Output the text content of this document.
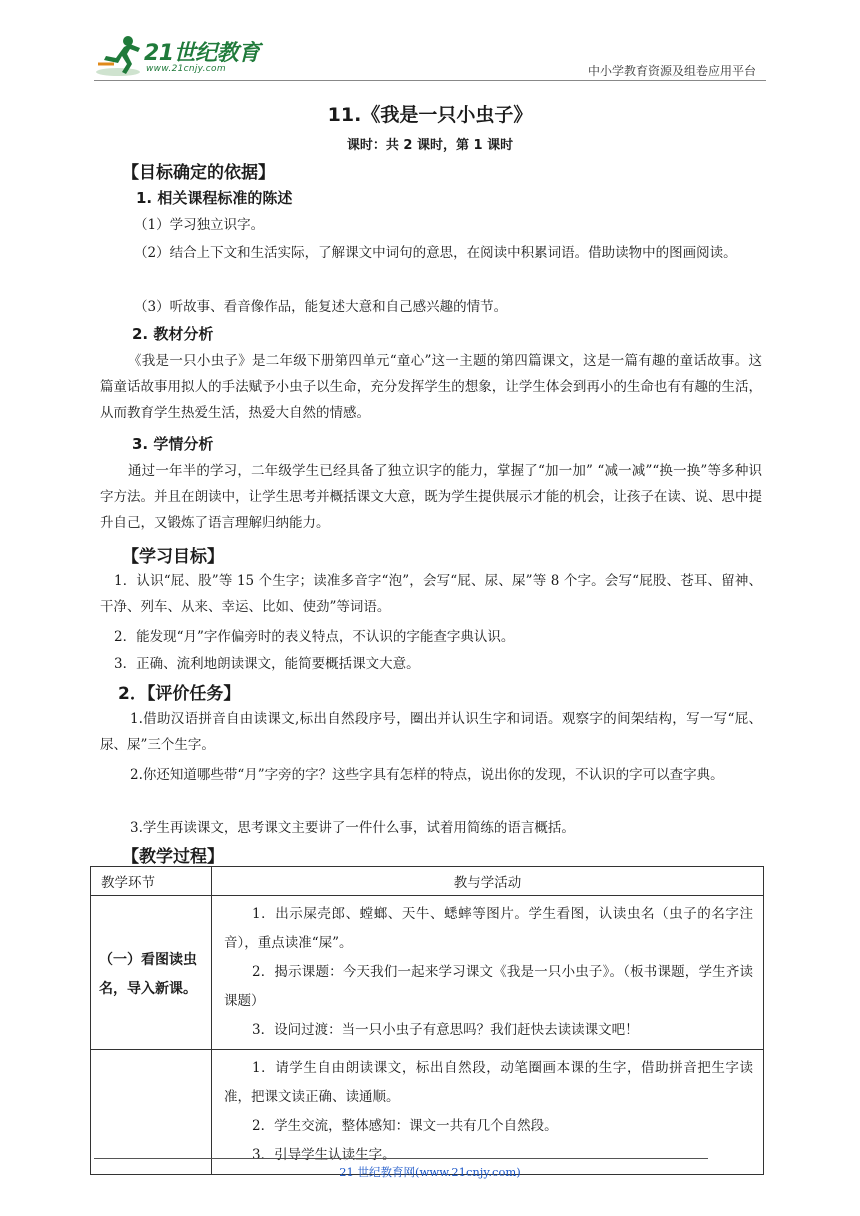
21世纪教育
www.21cnjy.com	中小学教育资源及组卷应用平台
11.《我是一只小虫子》
课时：共 2 课时，第 1 课时
【目标确定的依据】
1. 相关课程标准的陈述
（1）学习独立识字。
（2）结合上下文和生活实际，了解课文中词句的意思，在阅读中积累词语。借助读物中的图画阅读。
（3）听故事、看音像作品，能复述大意和自己感兴趣的情节。
2. 教材分析
《我是一只小虫子》是二年级下册第四单元“童心”这一主题的第四篇课文，这是一篇有趣的童话故事。这篇童话故事用拟人的手法赋予小虫子以生命，充分发挥学生的想象，让学生体会到再小的生命也有有趣的生活，从而教育学生热爱生活，热爱大自然的情感。
3. 学情分析
通过一年半的学习，二年级学生已经具备了独立识字的能力，掌握了“加一加” “减一减”“换一换”等多种识字方法。并且在朗读中，让学生思考并概括课文大意，既为学生提供展示才能的机会，让孩子在读、说、思中提升自己，又锻炼了语言理解归纳能力。
【学习目标】
1．认识“屁、股”等 15 个生字；读准多音字“泡”，会写“屁、尿、屎”等 8 个字。会写“屁股、苍耳、留神、干净、列车、从来、幸运、比如、使劲”等词语。
2．能发现“月”字作偏旁时的表义特点，不认识的字能查字典认识。
3．正确、流利地朗读课文，能简要概括课文大意。
2．【评价任务】
1.借助汉语拼音自由读课文,标出自然段序号，圈出并认识生字和词语。观察字的间架结构，写一写“屁、尿、屎”三个生字。
2.你还知道哪些带“月”字旁的字？这些字具有怎样的特点，说出你的发现，不认识的字可以查字典。
3.学生再读课文，思考课文主要讲了一件什么事，试着用简练的语言概括。
【教学过程】
教学环节	教与学活动

（一）看图读虫名，导入新课。	1．出示屎壳郎、螳螂、天牛、蟋蟀等图片。学生看图，认读虫名（虫子的名字注音），重点读准“屎”。
2．揭示课题：今天我们一起来学习课文《我是一只小虫子》。（板书课题，学生齐读课题）
3．设问过渡：当一只小虫子有意思吗？我们赶快去读读课文吧！

	1．请学生自由朗读课文，标出自然段，动笔圈画本课的生字，借助拼音把生字读准，把课文读正确、读通顺。
2．学生交流，整体感知：课文一共有几个自然段。
3．引导学生认读生字。
21 世纪教育网(www.21cnjy.com)
